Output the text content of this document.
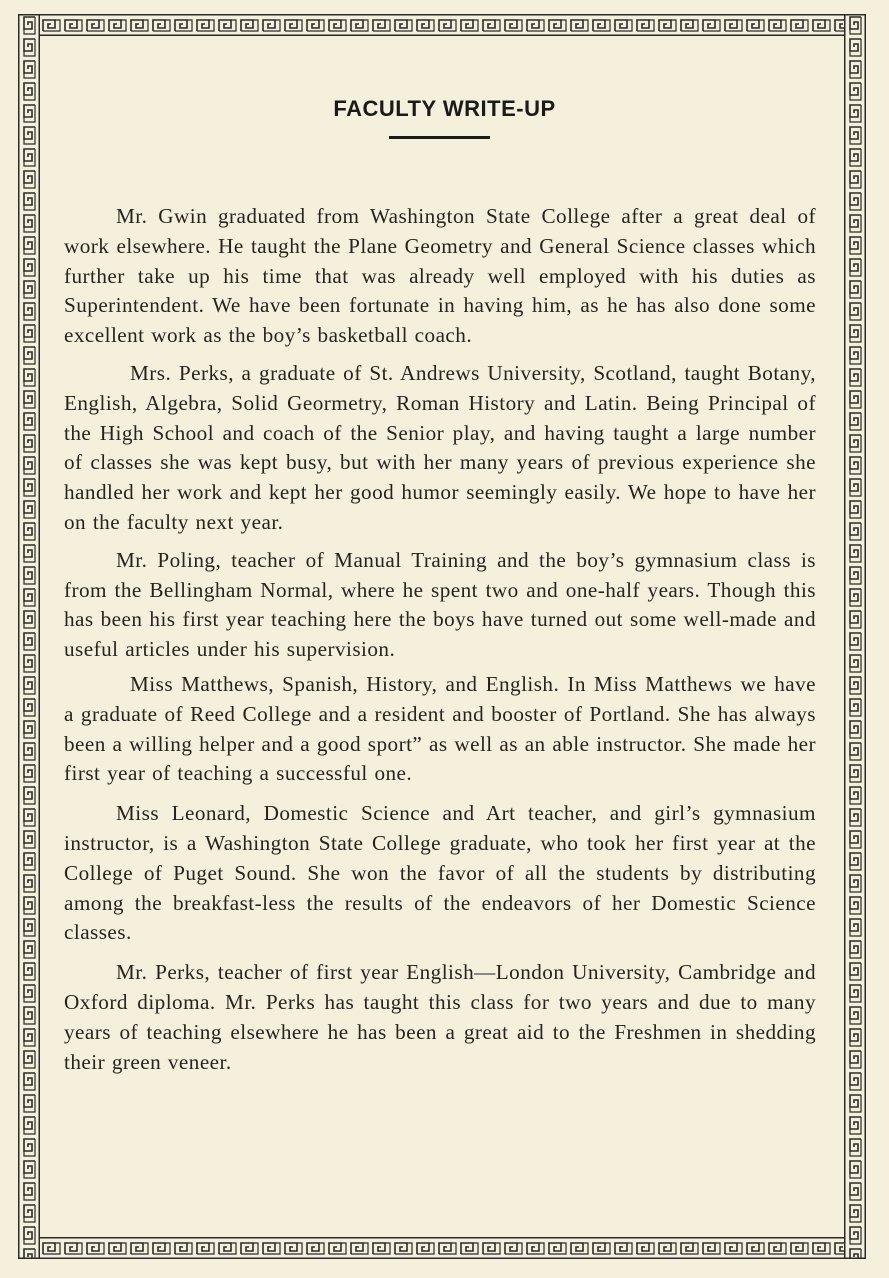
FACULTY WRITE-UP

Mr. Gwin graduated from Washington State College after a great deal of work elsewhere. He taught the Plane Geometry and General Science classes which further take up his time that was already well employed with his duties as Superintendent. We have been fortunate in having him, as he has also done some excellent work as the boy’s basketball coach.

Mrs. Perks, a graduate of St. Andrews University, Scotland, taught Botany, English, Algebra, Solid Geormetry, Roman History and Latin. Being Principal of the High School and coach of the Senior play, and having taught a large number of classes she was kept busy, but with her many years of previous experience she handled her work and kept her good humor seemingly easily. We hope to have her on the faculty next year.

Mr. Poling, teacher of Manual Training and the boy’s gymnasium class is from the Bellingham Normal, where he spent two and one-half years. Though this has been his first year teaching here the boys have turned out some well-made and useful articles under his supervision.

Miss Matthews, Spanish, History, and English. In Miss Matthews we have a graduate of Reed College and a resident and booster of Portland. She has always been a willing helper and a good sport” as well as an able instructor. She made her first year of teaching a successful one.

Miss Leonard, Domestic Science and Art teacher, and girl’s gymnasium instructor, is a Washington State College graduate, who took her first year at the College of Puget Sound. She won the favor of all the students by distributing among the breakfast-less the results of the endeavors of her Domestic Science classes.

Mr. Perks, teacher of first year English—London University, Cambridge and Oxford diploma. Mr. Perks has taught this class for two years and due to many years of teaching elsewhere he has been a great aid to the Freshmen in shedding their green veneer.
